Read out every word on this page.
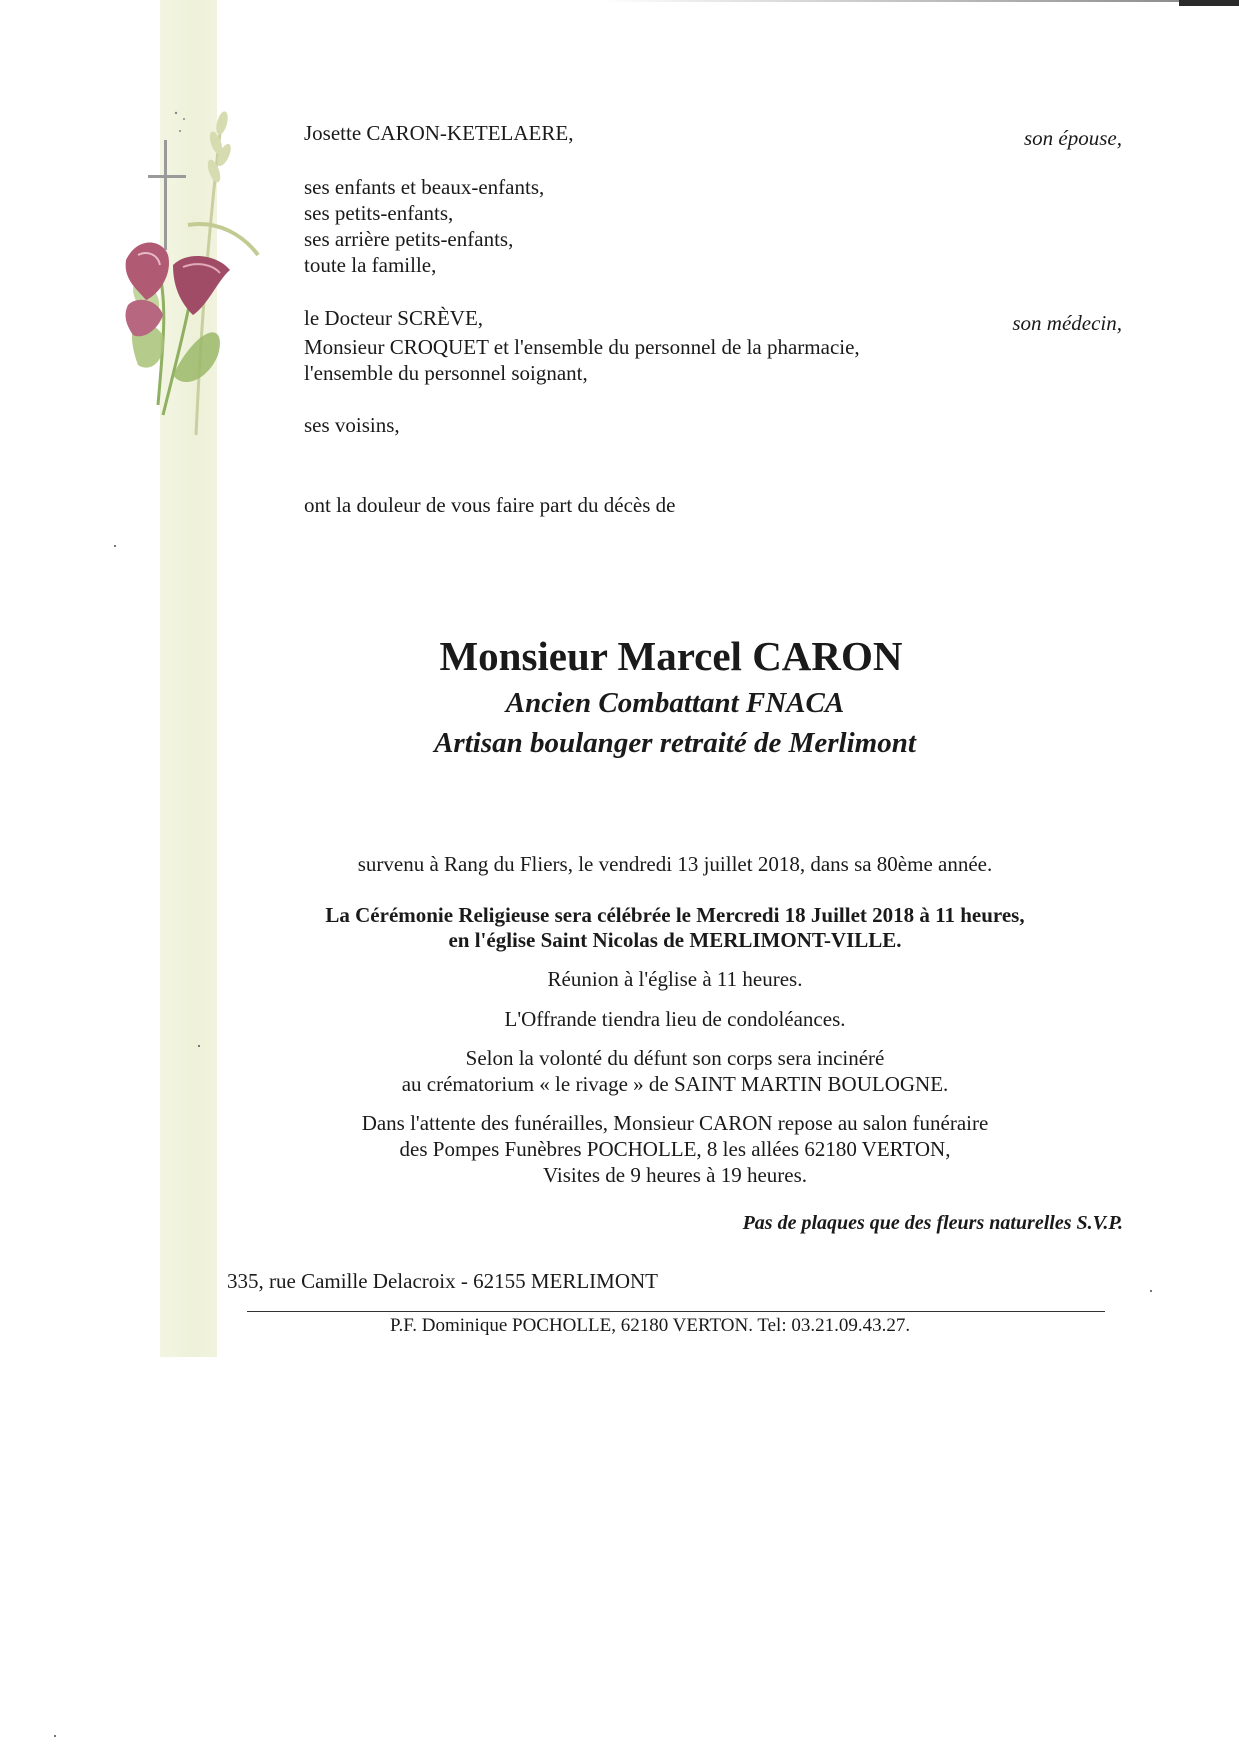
Josette CARON-KETELAERE,	son épouse,
ses enfants et beaux-enfants,
ses petits-enfants,
ses arrière petits-enfants,
toute la famille,
le Docteur SCRÈVE,	son médecin,
Monsieur CROQUET et l'ensemble du personnel de la pharmacie,
l'ensemble du personnel soignant,
ses voisins,
ont la douleur de vous faire part du décès de
Monsieur Marcel CARON
Ancien Combattant FNACA
Artisan boulanger retraité de Merlimont
survenu à Rang du Fliers, le vendredi 13 juillet 2018, dans sa 80ème année.
La Cérémonie Religieuse sera célébrée le Mercredi 18 Juillet 2018 à 11 heures,
en l'église Saint Nicolas de MERLIMONT-VILLE.
Réunion à l'église à 11 heures.
L'Offrande tiendra lieu de condoléances.
Selon la volonté du défunt son corps sera incinéré
au crématorium « le rivage » de SAINT MARTIN BOULOGNE.
Dans l'attente des funérailles, Monsieur CARON repose au salon funéraire
des Pompes Funèbres POCHOLLE, 8 les allées 62180 VERTON,
Visites de 9 heures à 19 heures.
Pas de plaques que des fleurs naturelles S.V.P.
335, rue Camille Delacroix - 62155 MERLIMONT
P.F. Dominique POCHOLLE, 62180 VERTON. Tel: 03.21.09.43.27.
